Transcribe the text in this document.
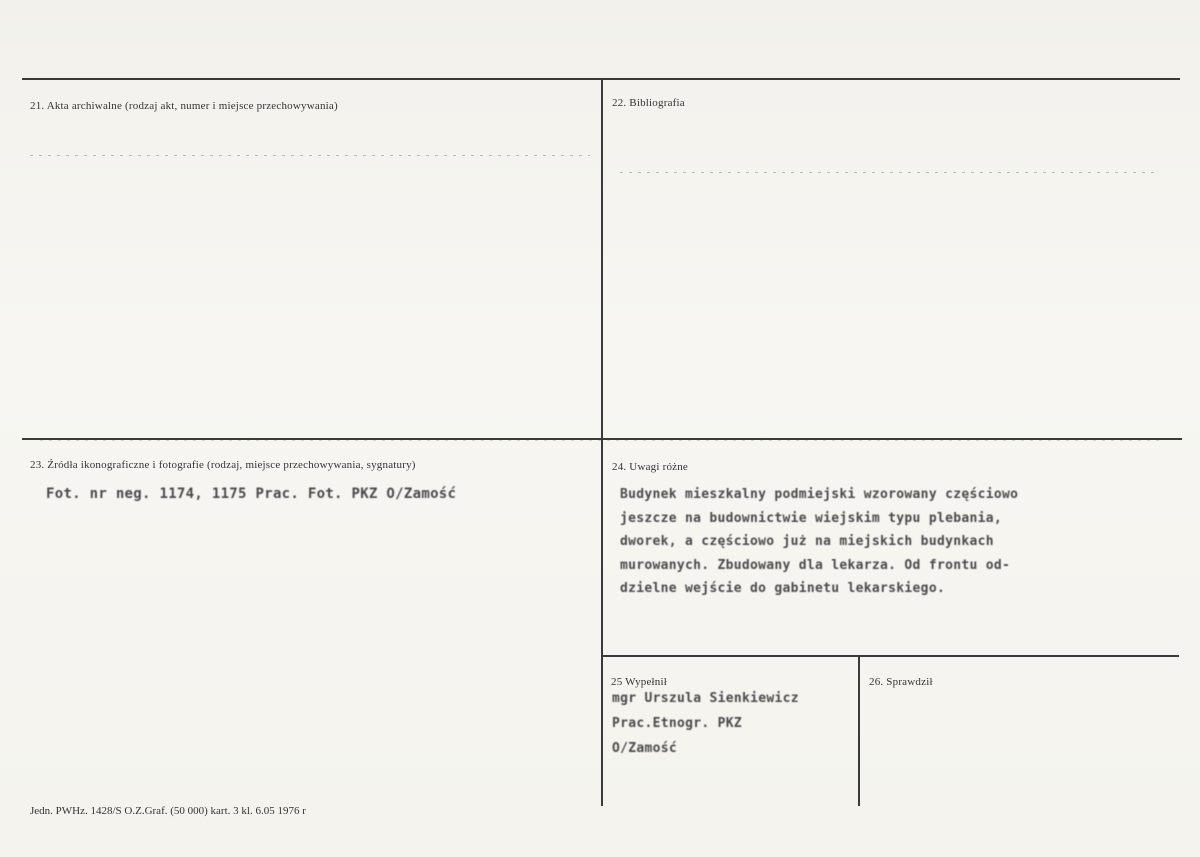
21. Akta archiwalne (rodzaj akt, numer i miejsce przechowywania)	22. Bibliografia
23. Źródła ikonograficzne i fotografie (rodzaj, miejsce przechowywania, sygnatury)
Fot. nr neg. 1174, 1175 Prac. Fot. PKZ O/Zamość
24. Uwagi różne
Budynek mieszkalny podmiejski wzorowany częściowo
jeszcze na budownictwie wiejskim typu plebania,
dworek, a częściowo już na miejskich budynkach
murowanych. Zbudowany dla lekarza. Od frontu od-
dzielne wejście do gabinetu lekarskiego.
25 Wypełnił
mgr Urszula Sienkiewicz
Prac.Etnogr. PKZ
O/Zamość
26. Sprawdził
Jedn. PWHz. 1428/S O.Z.Graf. (50 000) kart. 3 kl. 6.05 1976 r
